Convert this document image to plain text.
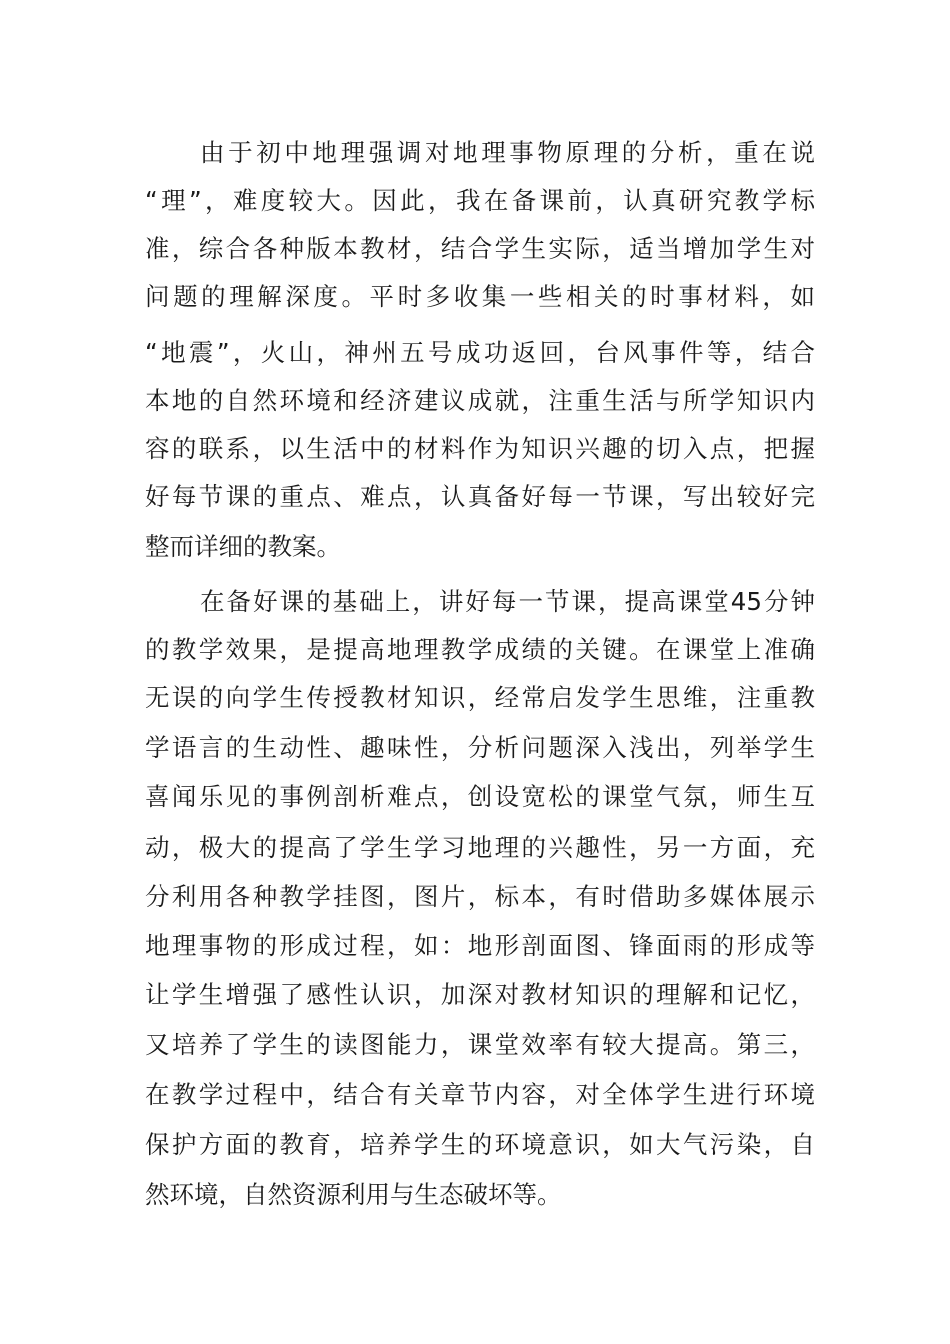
由于初中地理强调对地理事物原理的分析，重在说
“理”，难度较大。因此，我在备课前，认真研究教学标
准，综合各种版本教材，结合学生实际，适当增加学生对
问题的理解深度。平时多收集一些相关的时事材料，如
“地震”，火山，神州五号成功返回，台风事件等，结合
本地的自然环境和经济建议成就，注重生活与所学知识内
容的联系，以生活中的材料作为知识兴趣的切入点，把握
好每节课的重点、难点，认真备好每一节课，写出较好完
整而详细的教案。
在备好课的基础上，讲好每一节课，提高课堂45分钟
的教学效果，是提高地理教学成绩的关键。在课堂上准确
无误的向学生传授教材知识，经常启发学生思维，注重教
学语言的生动性、趣味性，分析问题深入浅出，列举学生
喜闻乐见的事例剖析难点，创设宽松的课堂气氛，师生互
动，极大的提高了学生学习地理的兴趣性，另一方面，充
分利用各种教学挂图，图片，标本，有时借助多媒体展示
地理事物的形成过程，如：地形剖面图、锋面雨的形成等
让学生增强了感性认识，加深对教材知识的理解和记忆，
又培养了学生的读图能力，课堂效率有较大提高。第三，
在教学过程中，结合有关章节内容，对全体学生进行环境
保护方面的教育，培养学生的环境意识，如大气污染，自
然环境，自然资源利用与生态破坏等。
